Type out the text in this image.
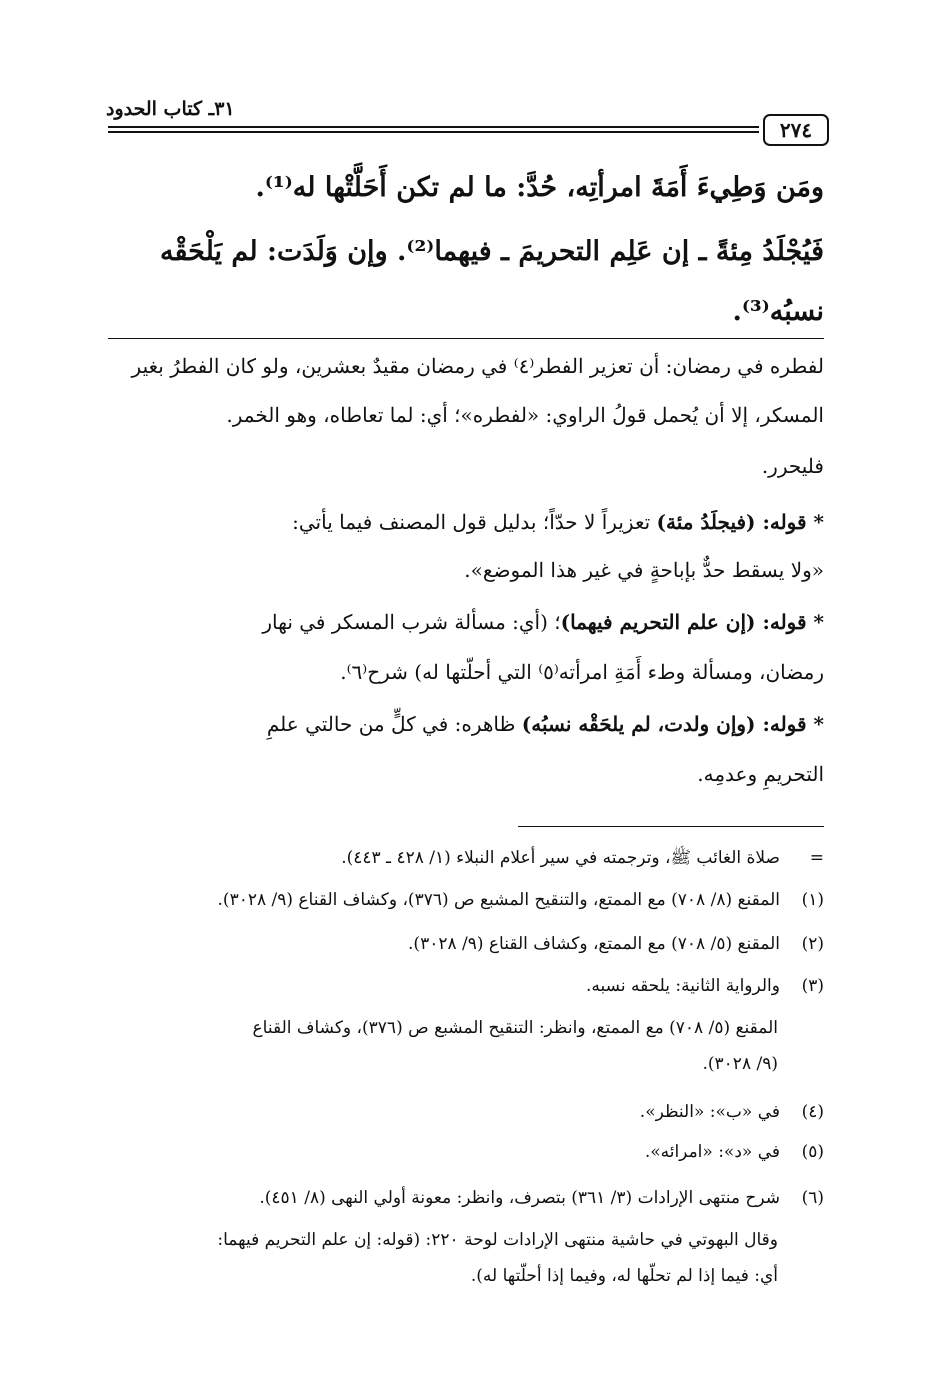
٣١ـ كتاب الحدود
٢٧٤
ومَن وَطِيءَ أَمَةَ امرأتِه، حُدَّ: ما لم تكن أَحَلَّتْها له⁽¹⁾.
فَيُجْلَدُ مِئةً ـ إن عَلِم التحريمَ ـ فيهما⁽²⁾. وإن وَلَدَت: لم يَلْحَقْه
نسبُه⁽³⁾.
لفطره في رمضان: أن تعزير الفطر⁽٤⁾ في رمضان مقيدٌ بعشرين، ولو كان الفطرُ بغير
المسكر، إلا أن يُحمل قولُ الراوي: «لفطره»؛ أي: لما تعاطاه، وهو الخمر.
فليحرر.
* قوله: (فيجلَدُ مئة) تعزيراً لا حدّاً؛ بدليل قول المصنف فيما يأتي:
«ولا يسقط حدٌّ بإباحةٍ في غير هذا الموضع».
* قوله: (إن علم التحريم فيهما)؛ (أي: مسألة شرب المسكر في نهار
رمضان، ومسألة وطء أَمَةِ امرأته⁽٥⁾ التي أحلّتها له) شرح⁽٦⁾.
* قوله: (وإن ولدت، لم يلحَقْه نسبُه) ظاهره: في كلٍّ من حالتي علمِ
التحريمِ وعدمِه.
=صلاة الغائب ﷺ، وترجمته في سير أعلام النبلاء (١/ ٤٢٨ ـ ٤٤٣).
(١)المقنع (٨/ ٧٠٨) مع الممتع، والتنقيح المشبع ص (٣٧٦)، وكشاف القناع (٩/ ٣٠٢٨).
(٢)المقنع (٥/ ٧٠٨) مع الممتع، وكشاف القناع (٩/ ٣٠٢٨).
(٣)والرواية الثانية: يلحقه نسبه.
المقنع (٥/ ٧٠٨) مع الممتع، وانظر: التنقيح المشبع ص (٣٧٦)، وكشاف القناع
(٩/ ٣٠٢٨).
(٤)في «ب»: «النظر».
(٥)في «د»: «امرائه».
(٦)شرح منتهى الإرادات (٣/ ٣٦١) بتصرف، وانظر: معونة أولي النهى (٨/ ٤٥١).
وقال البهوتي في حاشية منتهى الإرادات لوحة ٢٢٠: (قوله: إن علم التحريم فيهما:
أي: فيما إذا لم تحلّها له، وفيما إذا أحلّتها له).
